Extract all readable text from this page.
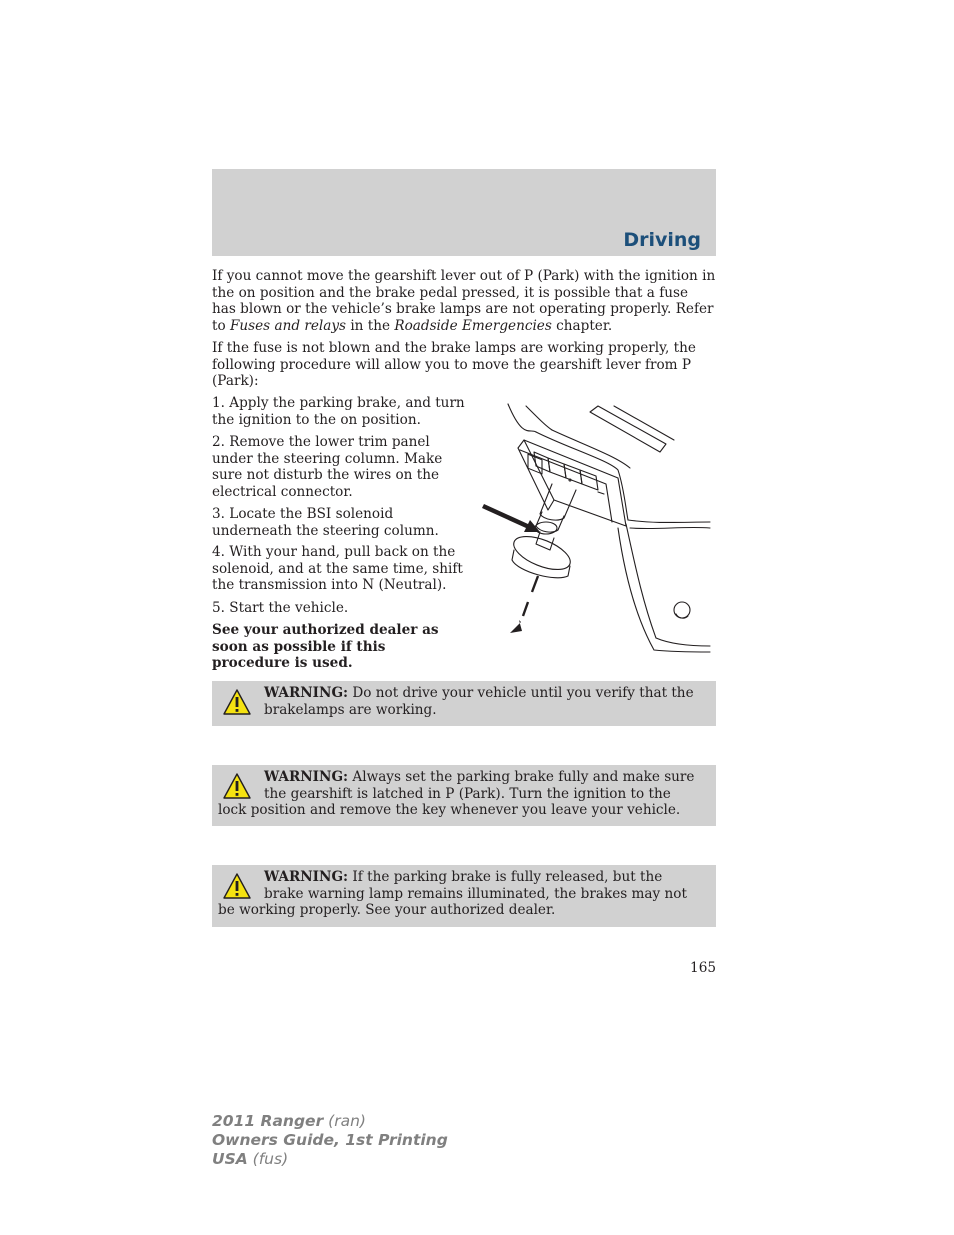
Driving

If you cannot move the gearshift lever out of P (Park) with the ignition in the on position and the brake pedal pressed, it is possible that a fuse has blown or the vehicle’s brake lamps are not operating properly. Refer to Fuses and relays in the Roadside Emergencies chapter.

If the fuse is not blown and the brake lamps are working properly, the following procedure will allow you to move the gearshift lever from P (Park):

1. Apply the parking brake, and turn the ignition to the on position.

2. Remove the lower trim panel under the steering column. Make sure not disturb the wires on the electrical connector.

3. Locate the BSI solenoid underneath the steering column.

4. With your hand, pull back on the solenoid, and at the same time, shift the transmission into N (Neutral).

5. Start the vehicle.

See your authorized dealer as soon as possible if this procedure is used.

WARNING: Do not drive your vehicle until you verify that the brakelamps are working.
WARNING: Always set the parking brake fully and make sure the gearshift is latched in P (Park). Turn the ignition to the lock position and remove the key whenever you leave your vehicle.
WARNING: If the parking brake is fully released, but the brake warning lamp remains illuminated, the brakes may not be working properly. See your authorized dealer.
165
2011 Ranger (ran)
Owners Guide, 1st Printing
USA (fus)
